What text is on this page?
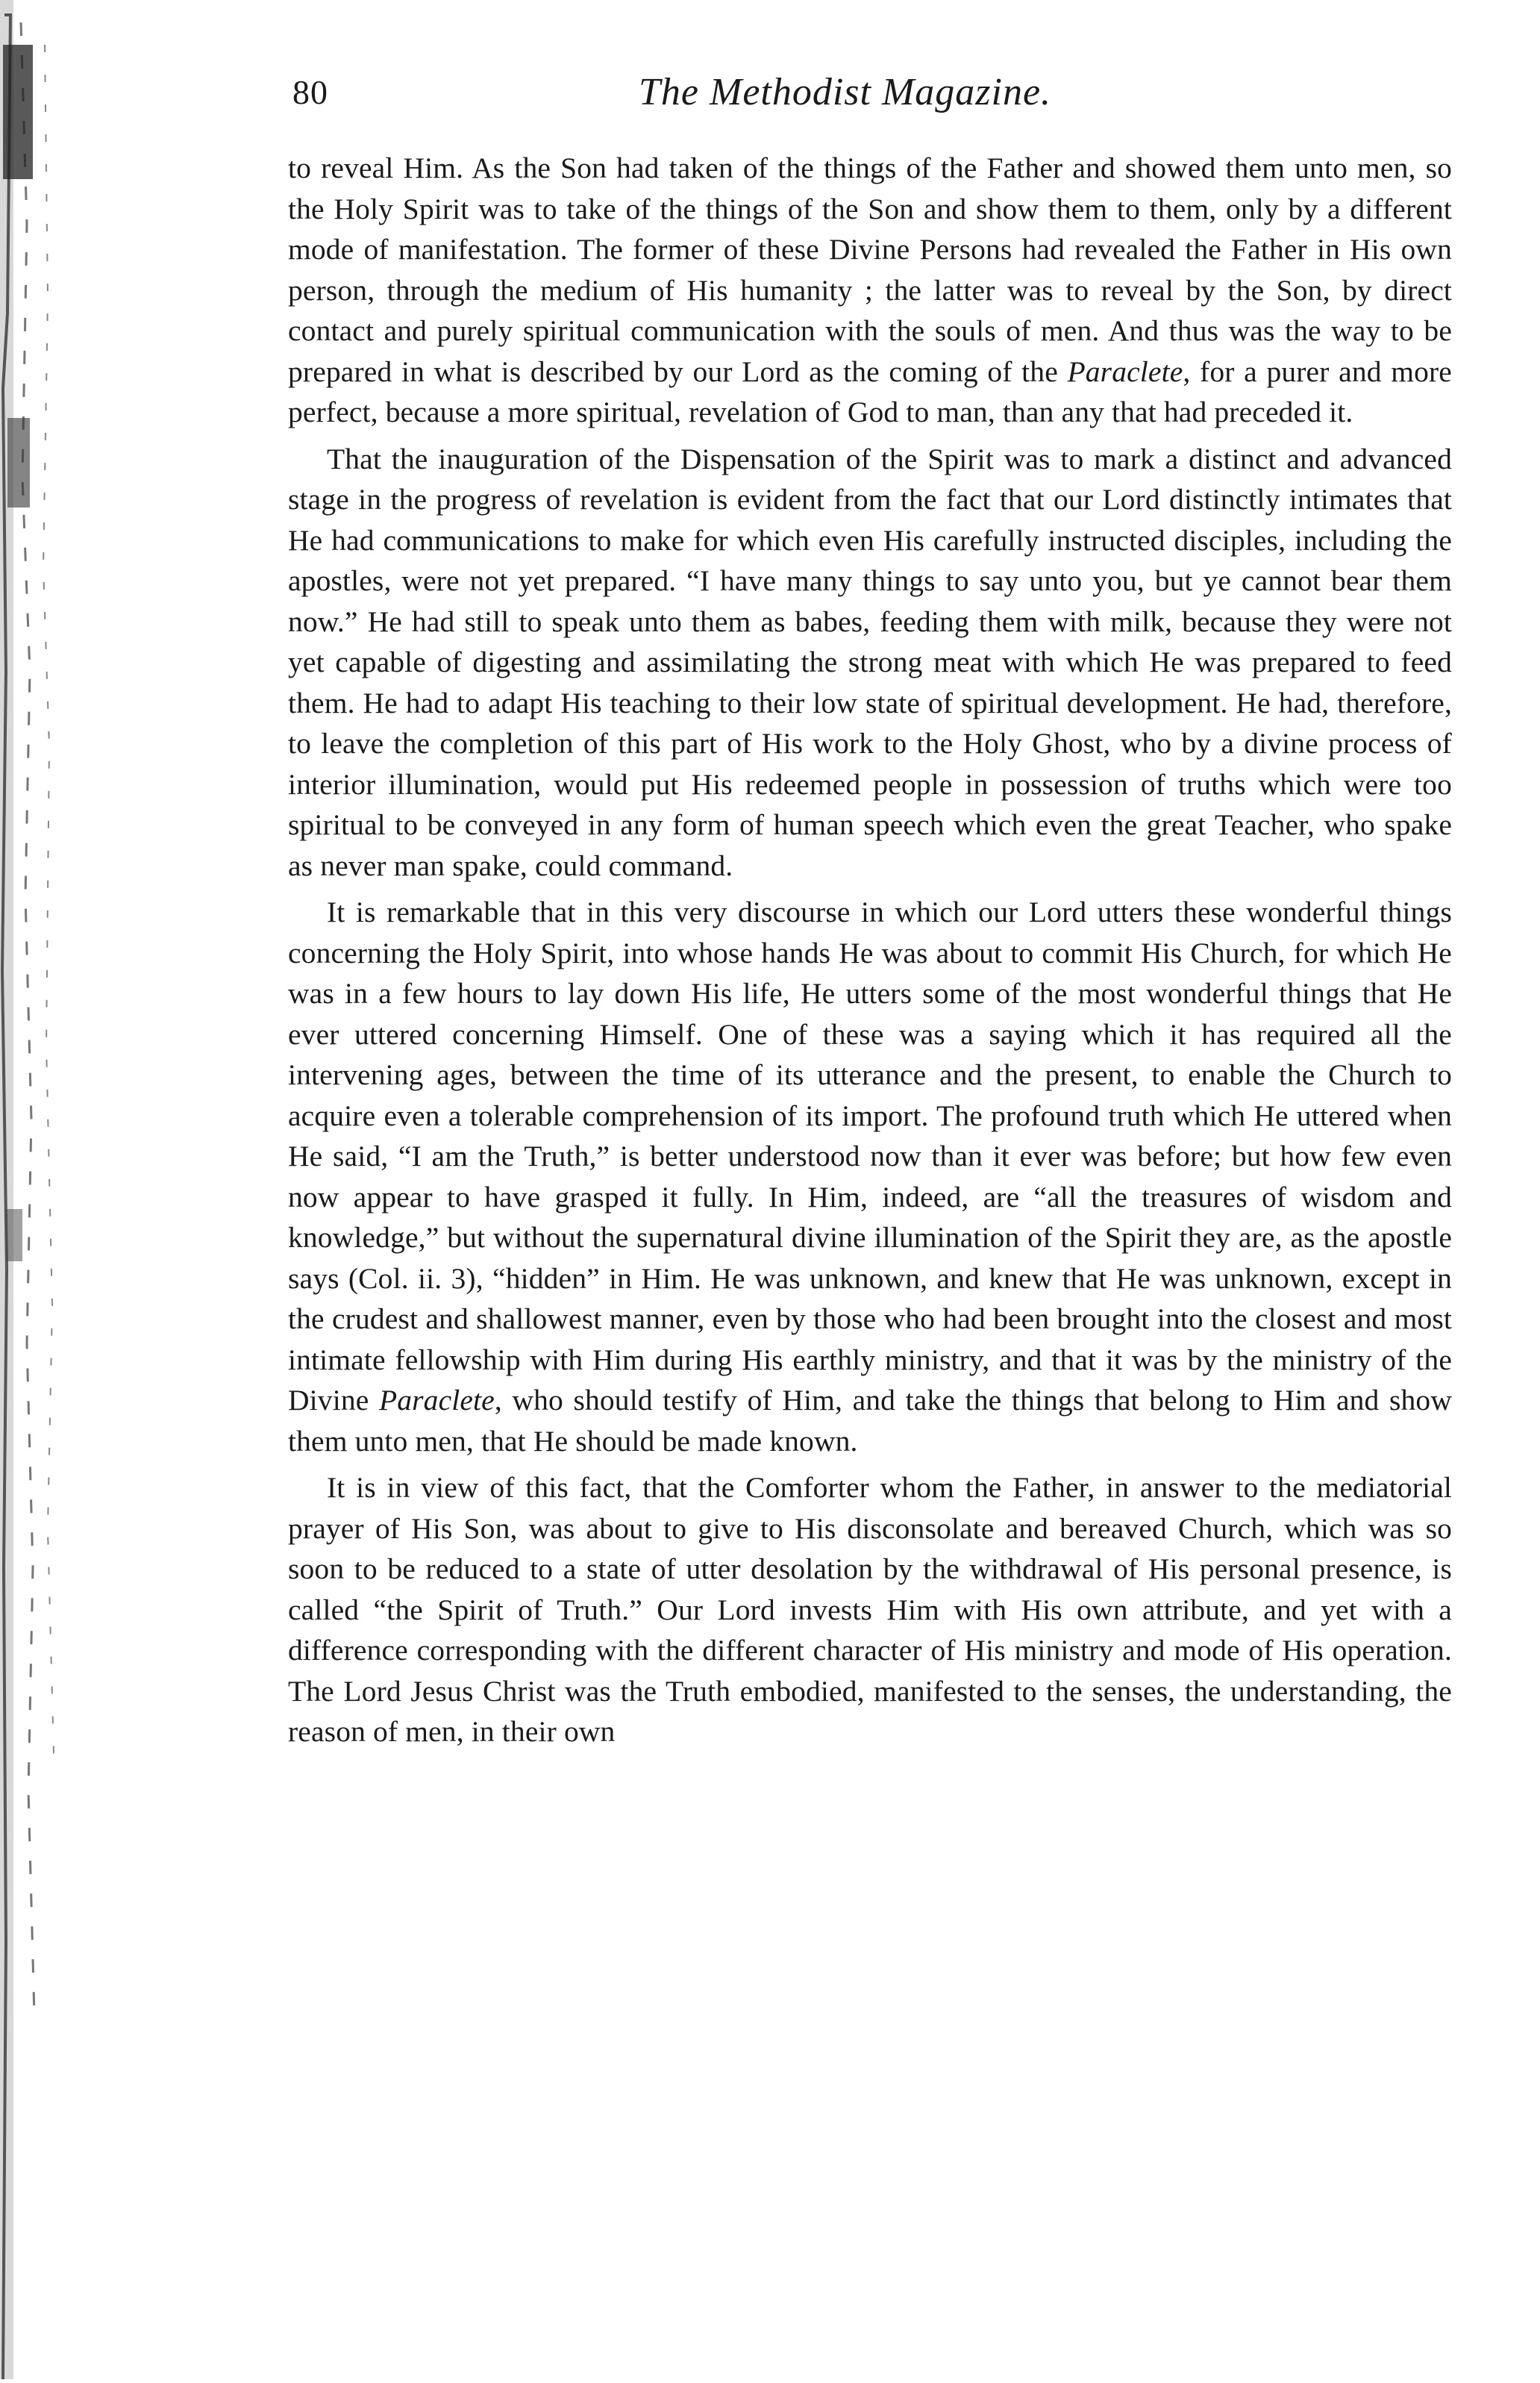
80	The Methodist Magazine.

to reveal Him. As the Son had taken of the things of the Father and showed them unto men, so the Holy Spirit was to take of the things of the Son and show them to them, only by a different mode of manifestation. The former of these Divine Persons had revealed the Father in His own person, through the medium of His humanity ; the latter was to reveal by the Son, by direct contact and purely spiritual communication with the souls of men. And thus was the way to be prepared in what is described by our Lord as the coming of the Paraclete, for a purer and more perfect, because a more spiritual, revelation of God to man, than any that had preceded it.

That the inauguration of the Dispensation of the Spirit was to mark a distinct and advanced stage in the progress of revelation is evident from the fact that our Lord distinctly intimates that He had communications to make for which even His carefully instructed disciples, including the apostles, were not yet prepared. “I have many things to say unto you, but ye cannot bear them now.” He had still to speak unto them as babes, feeding them with milk, because they were not yet capable of digesting and assimilating the strong meat with which He was prepared to feed them. He had to adapt His teaching to their low state of spiritual development. He had, therefore, to leave the completion of this part of His work to the Holy Ghost, who by a divine process of interior illumination, would put His redeemed people in possession of truths which were too spiritual to be conveyed in any form of human speech which even the great Teacher, who spake as never man spake, could command.

It is remarkable that in this very discourse in which our Lord utters these wonderful things concerning the Holy Spirit, into whose hands He was about to commit His Church, for which He was in a few hours to lay down His life, He utters some of the most wonderful things that He ever uttered concerning Himself. One of these was a saying which it has required all the intervening ages, between the time of its utterance and the present, to enable the Church to acquire even a tolerable comprehension of its import. The profound truth which He uttered when He said, “I am the Truth,” is better understood now than it ever was before; but how few even now appear to have grasped it fully. In Him, indeed, are “all the treasures of wisdom and knowledge,” but without the supernatural divine illumination of the Spirit they are, as the apostle says (Col. ii. 3), “hidden” in Him. He was unknown, and knew that He was unknown, except in the crudest and shallowest manner, even by those who had been brought into the closest and most intimate fellowship with Him during His earthly ministry, and that it was by the ministry of the Divine Paraclete, who should testify of Him, and take the things that belong to Him and show them unto men, that He should be made known.

It is in view of this fact, that the Comforter whom the Father, in answer to the mediatorial prayer of His Son, was about to give to His disconsolate and bereaved Church, which was so soon to be reduced to a state of utter desolation by the withdrawal of His personal presence, is called “the Spirit of Truth.” Our Lord invests Him with His own attribute, and yet with a difference corresponding with the different character of His ministry and mode of His operation. The Lord Jesus Christ was the Truth embodied, manifested to the senses, the understanding, the reason of men, in their own
